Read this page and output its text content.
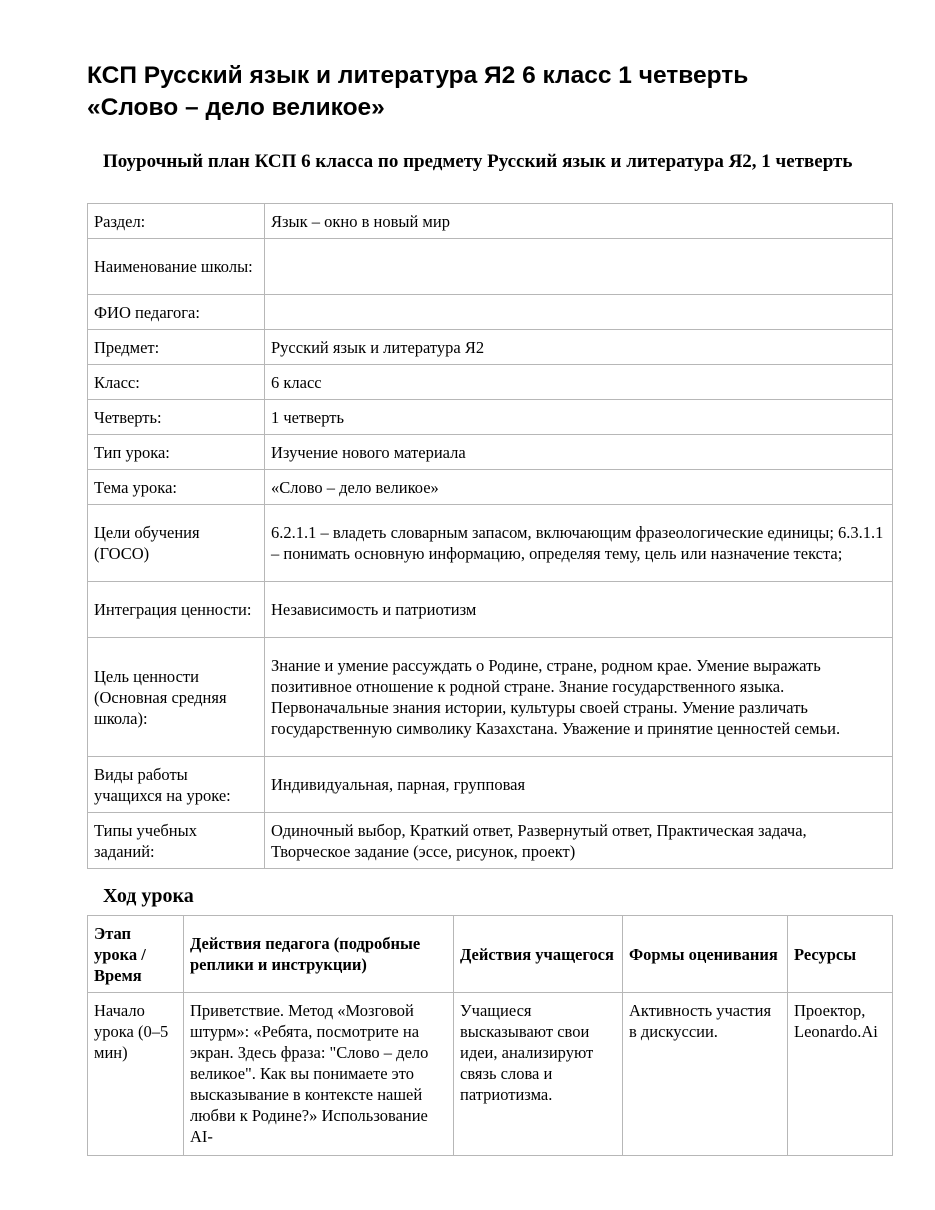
КСП Русский язык и литература Я2 6 класс 1 четверть
«Слово – дело великое»
Поурочный план КСП 6 класса по предмету Русский язык и литература Я2, 1 четверть
Раздел:	Язык – окно в новый мир
Наименование школы:	
ФИО педагога:	
Предмет:	Русский язык и литература Я2
Класс:	6 класс
Четверть:	1 четверть
Тип урока:	Изучение нового материала
Тема урока:	«Слово – дело великое»
Цели обучения (ГОСО)	6.2.1.1 – владеть словарным запасом, включающим фразеологические единицы; 6.3.1.1 – понимать основную информацию, определяя тему, цель или назначение текста;
Интеграция ценности:	Независимость и патриотизм
Цель ценности (Основная средняя школа):	Знание и умение рассуждать о Родине, стране, родном крае. Умение выражать позитивное отношение к родной стране. Знание государственного языка. Первоначальные знания истории, культуры своей страны. Умение различать государственную символику Казахстана. Уважение и принятие ценностей семьи.
Виды работы учащихся на уроке:	Индивидуальная, парная, групповая
Типы учебных заданий:	Одиночный выбор, Краткий ответ, Развернутый ответ, Практическая задача, Творческое задание (эссе, рисунок, проект)
Ход урока
Этап урока / Время	Действия педагога (подробные реплики и инструкции)	Действия учащегося	Формы оценивания	Ресурсы
Начало урока (0–5 мин)	Приветствие. Метод «Мозговой штурм»: «Ребята, посмотрите на экран. Здесь фраза: "Слово – дело великое". Как вы понимаете это высказывание в контексте нашей любви к Родине?» Использование AI-	Учащиеся высказывают свои идеи, анализируют связь слова и патриотизма.	Активность участия в дискуссии.	Проектор, Leonardo.Ai
